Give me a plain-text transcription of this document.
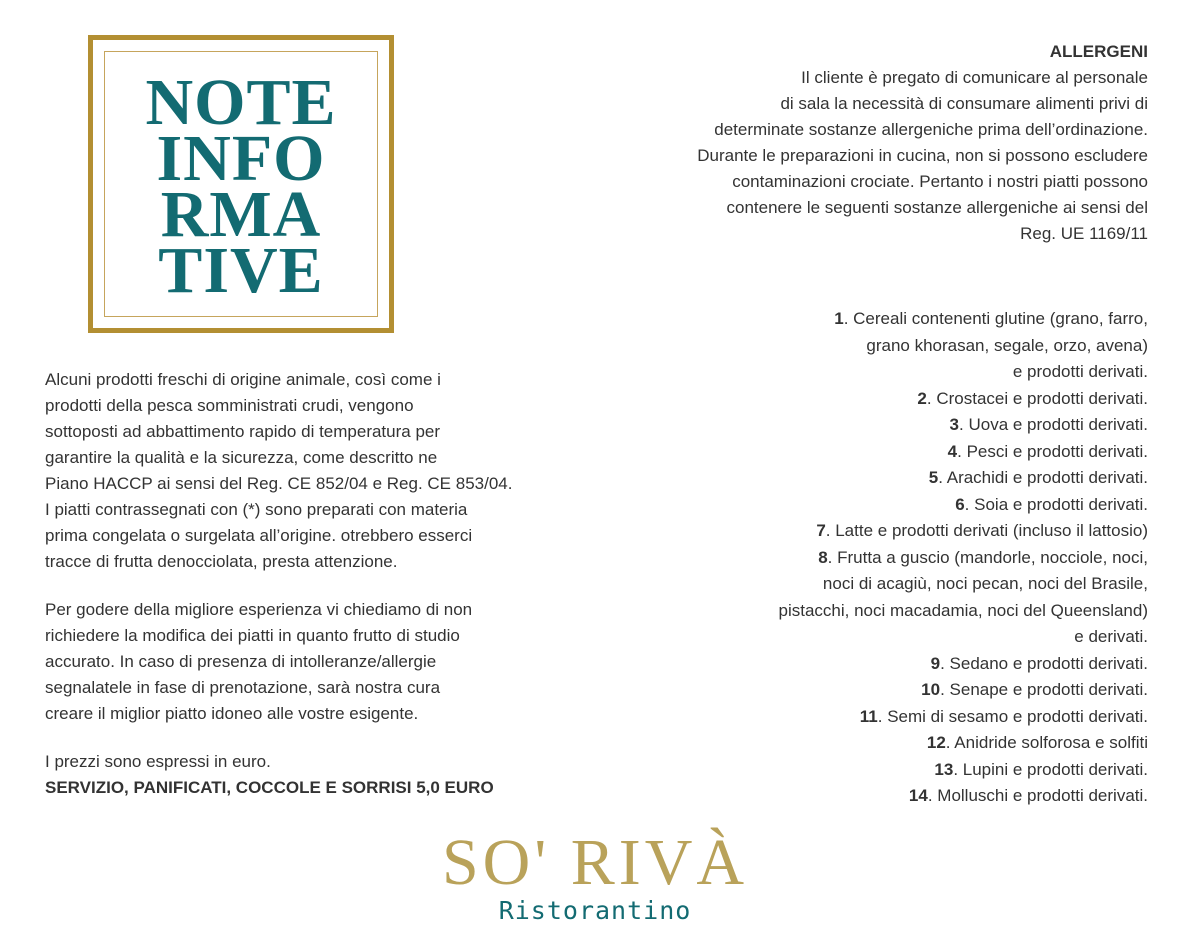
NOTE
INFO
RMA
TIVE
ALLERGENI
Il cliente è pregato di comunicare al personale
di sala la necessità di consumare alimenti privi di
determinate sostanze allergeniche prima dell’ordinazione.
Durante le preparazioni in cucina, non si possono escludere
contaminazioni crociate. Pertanto i nostri piatti possono
contenere le seguenti sostanze allergeniche ai sensi del
Reg. UE 1169/11
1. Cereali contenenti glutine (grano, farro,
grano khorasan, segale, orzo, avena)
e prodotti derivati.
2. Crostacei e prodotti derivati.
3. Uova e prodotti derivati.
4. Pesci e prodotti derivati.
5. Arachidi e prodotti derivati.
6. Soia e prodotti derivati.
7. Latte e prodotti derivati (incluso il lattosio)
8. Frutta a guscio (mandorle, nocciole, noci,
noci di acagiù, noci pecan, noci del Brasile,
pistacchi, noci macadamia, noci del Queensland)
e derivati.
9. Sedano e prodotti derivati.
10. Senape e prodotti derivati.
11. Semi di sesamo e prodotti derivati.
12. Anidride solforosa e solfiti
13. Lupini e prodotti derivati.
14. Molluschi e prodotti derivati.

Alcuni prodotti freschi di origine animale, così come i

prodotti della pesca somministrati crudi, vengono

sottoposti ad abbattimento rapido di temperatura per

garantire la qualità e la sicurezza, come descritto ne

Piano HACCP ai sensi del Reg. CE 852/04 e Reg. CE 853/04.

I piatti contrassegnati con (*) sono preparati con materia

prima congelata o surgelata all’origine. otrebbero esserci

tracce di frutta denocciolata, presta attenzione.

Per godere della migliore esperienza vi chiediamo di non

richiedere la modifica dei piatti in quanto frutto di studio

accurato. In caso di presenza di intolleranze/allergie

segnalatele in fase di prenotazione, sarà nostra cura

creare il miglior piatto idoneo alle vostre esigente.

I prezzi sono espressi in euro.

SERVIZIO, PANIFICATI, COCCOLE E SORRISI 5,0 EURO

SO' RIVÀ
Ristorantino
